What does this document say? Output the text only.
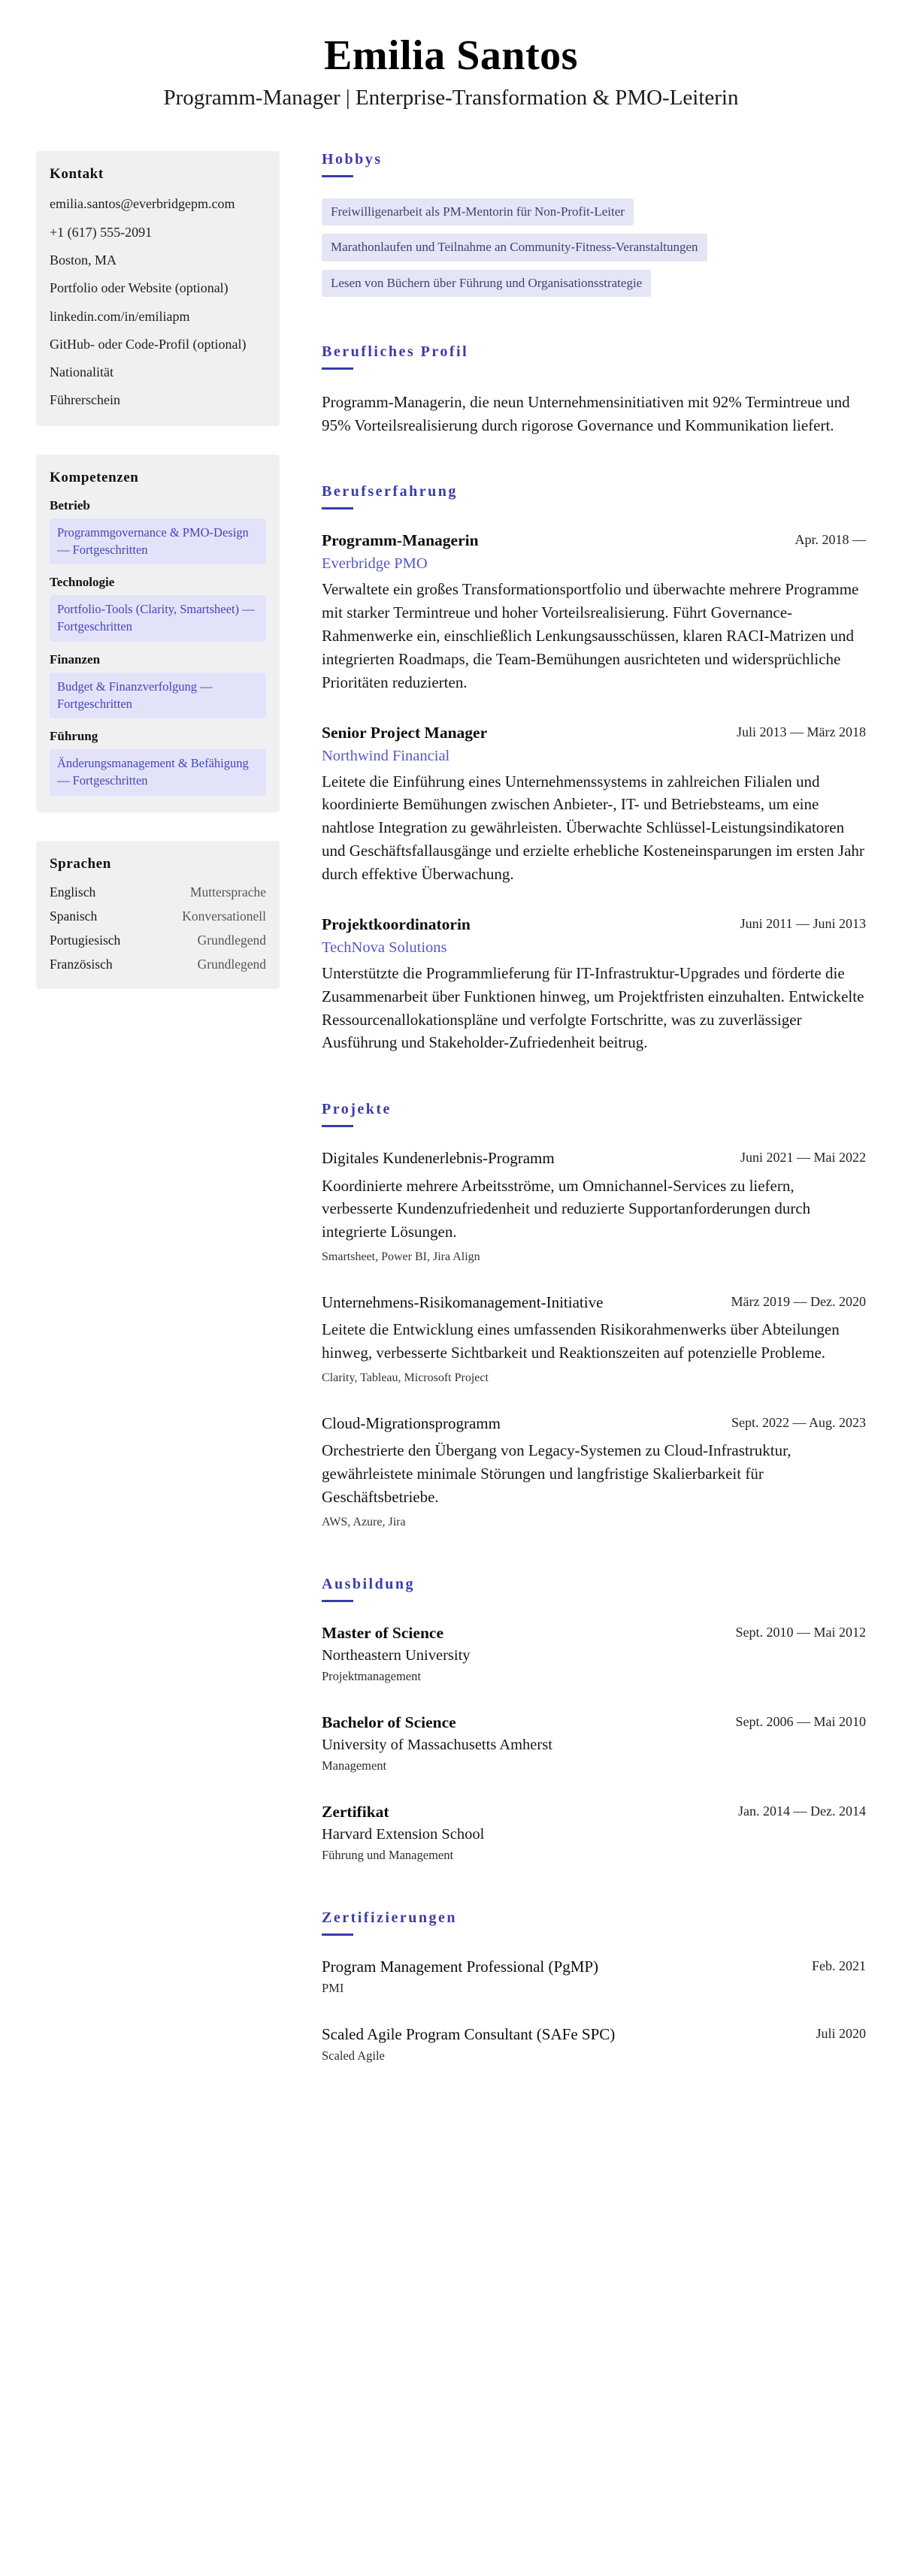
Emilia Santos
Programm-Manager | Enterprise-Transformation & PMO-Leiterin
Kontakt
emilia.santos@everbridgepm.com
+1 (617) 555-2091
Boston, MA
Portfolio oder Website (optional)
linkedin.com/in/emiliapm
GitHub- oder Code-Profil (optional)
Nationalität
Führerschein
Kompetenzen
Betrieb
Programmgovernance & PMO-Design — Fortgeschritten
Technologie
Portfolio-Tools (Clarity, Smartsheet) — Fortgeschritten
Finanzen
Budget & Finanzverfolgung — Fortgeschritten
Führung
Änderungsmanagement & Befähigung — Fortgeschritten
Sprachen
Englisch	Muttersprache
Spanisch	Konversationell
Portugiesisch	Grundlegend
Französisch	Grundlegend
Hobbys
Freiwilligenarbeit als PM-Mentorin für Non-Profit-Leiter
Marathonlaufen und Teilnahme an Community-Fitness-Veranstaltungen
Lesen von Büchern über Führung und Organisationsstrategie
Berufliches Profil
Programm-Managerin, die neun Unternehmensinitiativen mit 92% Termintreue und 95% Vorteilsrealisierung durch rigorose Governance und Kommunikation liefert.
Berufserfahrung
Programm-Managerin	Apr. 2018 —
Everbridge PMO
Verwaltete ein großes Transformationsportfolio und überwachte mehrere Programme mit starker Termintreue und hoher Vorteilsrealisierung. Führt Governance-Rahmenwerke ein, einschließlich Lenkungsausschüssen, klaren RACI-Matrizen und integrierten Roadmaps, die Team-Bemühungen ausrichteten und widersprüchliche Prioritäten reduzierten.
Senior Project Manager	Juli 2013 — März 2018
Northwind Financial
Leitete die Einführung eines Unternehmenssystems in zahlreichen Filialen und koordinierte Bemühungen zwischen Anbieter-, IT- und Betriebsteams, um eine nahtlose Integration zu gewährleisten. Überwachte Schlüssel-Leistungsindikatoren und Geschäftsfallausgänge und erzielte erhebliche Kosteneinsparungen im ersten Jahr durch effektive Überwachung.
Projektkoordinatorin	Juni 2011 — Juni 2013
TechNova Solutions
Unterstützte die Programmlieferung für IT-Infrastruktur-Upgrades und förderte die Zusammenarbeit über Funktionen hinweg, um Projektfristen einzuhalten. Entwickelte Ressourcenallokationspläne und verfolgte Fortschritte, was zu zuverlässiger Ausführung und Stakeholder-Zufriedenheit beitrug.
Projekte
Digitales Kundenerlebnis-Programm	Juni 2021 — Mai 2022
Koordinierte mehrere Arbeitsströme, um Omnichannel-Services zu liefern, verbesserte Kundenzufriedenheit und reduzierte Supportanforderungen durch integrierte Lösungen.
Smartsheet, Power BI, Jira Align
Unternehmens-Risikomanagement-Initiative	März 2019 — Dez. 2020
Leitete die Entwicklung eines umfassenden Risikorahmenwerks über Abteilungen hinweg, verbesserte Sichtbarkeit und Reaktionszeiten auf potenzielle Probleme.
Clarity, Tableau, Microsoft Project
Cloud-Migrationsprogramm	Sept. 2022 — Aug. 2023
Orchestrierte den Übergang von Legacy-Systemen zu Cloud-Infrastruktur, gewährleistete minimale Störungen und langfristige Skalierbarkeit für Geschäftsbetriebe.
AWS, Azure, Jira
Ausbildung
Master of Science	Sept. 2010 — Mai 2012
Northeastern University
Projektmanagement
Bachelor of Science	Sept. 2006 — Mai 2010
University of Massachusetts Amherst
Management
Zertifikat	Jan. 2014 — Dez. 2014
Harvard Extension School
Führung und Management
Zertifizierungen
Program Management Professional (PgMP)	Feb. 2021
PMI
Scaled Agile Program Consultant (SAFe SPC)	Juli 2020
Scaled Agile
